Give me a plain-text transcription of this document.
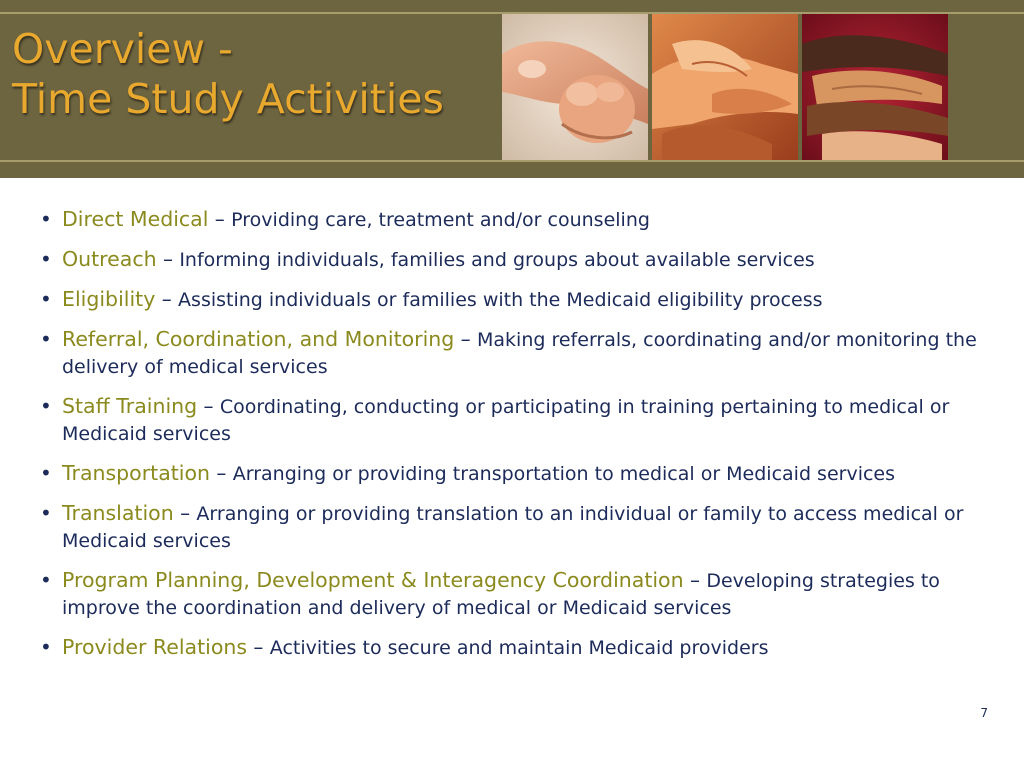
Overview -
Time Study Activities
• Direct Medical – Providing care, treatment and/or counseling
• Outreach – Informing individuals, families and groups about available services
• Eligibility – Assisting individuals or families with the Medicaid eligibility process
• Referral, Coordination, and Monitoring – Making referrals, coordinating and/or monitoring the delivery of medical services
• Staff Training – Coordinating, conducting or participating in training pertaining to medical or Medicaid services
• Transportation – Arranging or providing transportation to medical or Medicaid services
• Translation – Arranging or providing translation to an individual or family to access medical or Medicaid services
• Program Planning, Development & Interagency Coordination – Developing strategies to improve the coordination and delivery of medical or Medicaid services
• Provider Relations – Activities to secure and maintain Medicaid providers
7
